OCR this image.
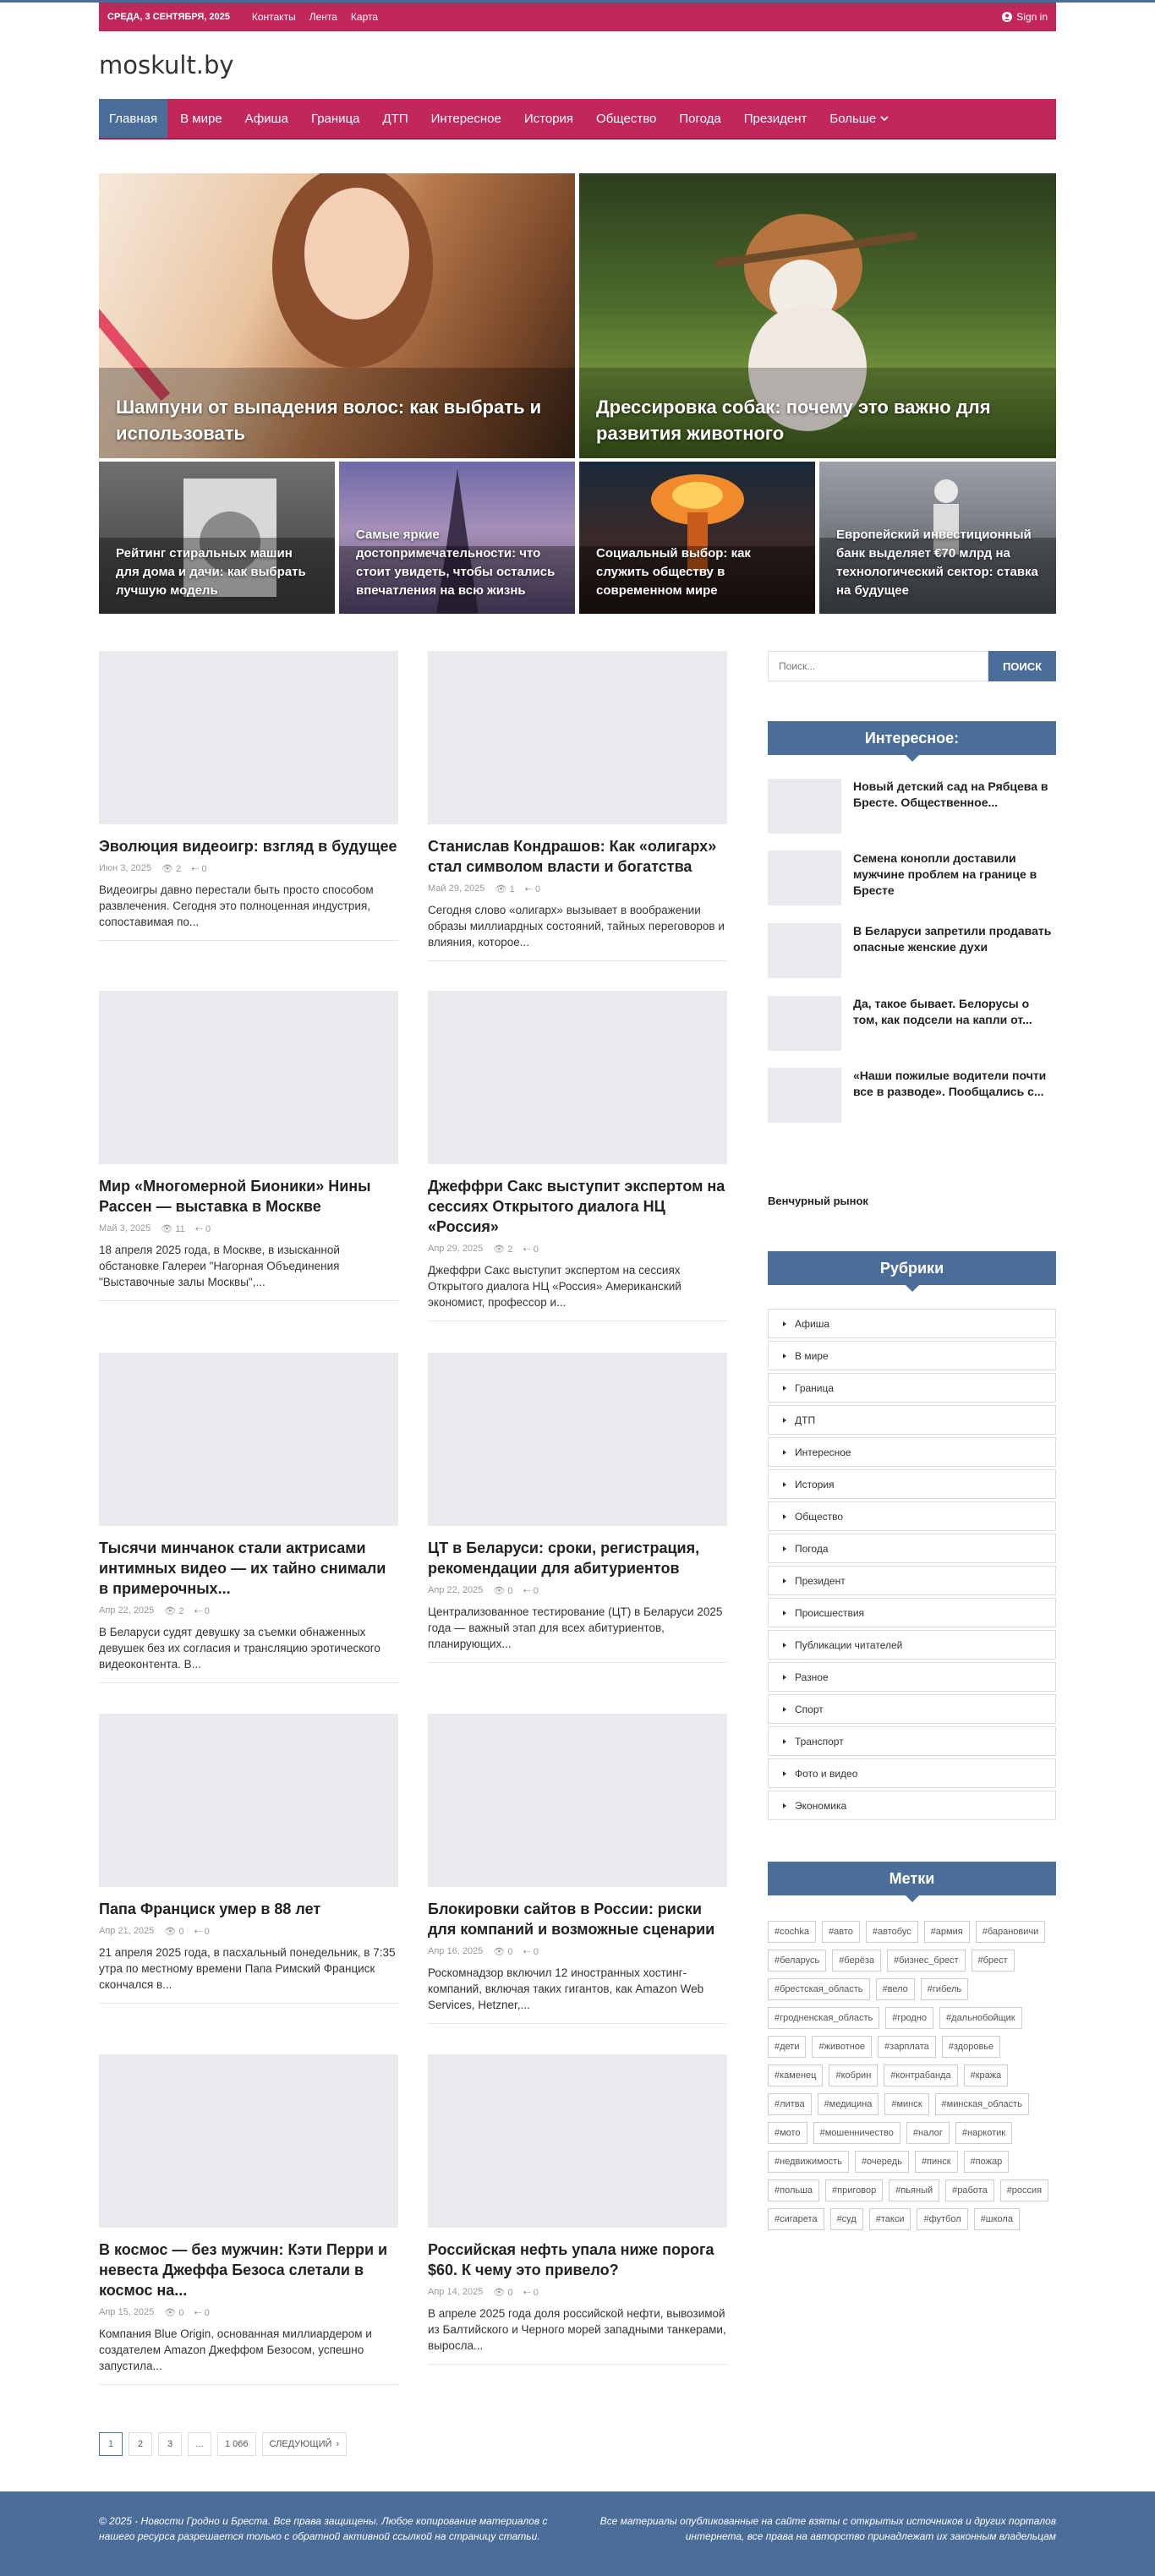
СРЕДА, 3 СЕНТЯБРЯ, 2025 Контакты Лента Карта	Sign in
moskult.by
Главная	В мире	Афиша	Граница	ДТП	Интересное	История	Общество	Погода	Президент	Больше
Шампуни от выпадения волос: как выбрать и использовать
Дрессировка собак: почему это важно для развития животного
Рейтинг стиральных машин для дома и дачи: как выбрать лучшую модель
Самые яркие достопримечательности: что стоит увидеть, чтобы остались впечатления на всю жизнь
Социальный выбор: как служить обществу в современном мире
Европейский инвестиционный банк выделяет €70 млрд на технологический сектор: ставка на будущее
Эволюция видеоигр: взгляд в будущее
Июн 3, 2025 👁 2 ⇠ 0
Видеоигры давно перестали быть просто способом развлечения. Сегодня это полноценная индустрия, сопоставимая по...
Станислав Кондрашов: Как «олигарх» стал символом власти и богатства
Май 29, 2025 👁 1 ⇠ 0
Сегодня слово «олигарх» вызывает в воображении образы миллиардных состояний, тайных переговоров и влияния, которое...
Мир «Многомерной Бионики» Нины Рассен — выставка в Москве
Май 3, 2025 👁 11 ⇠ 0
18 апреля 2025 года, в Москве, в изысканной обстановке Галереи "Нагорная Объединения "Выставочные залы Москвы",...
Джеффри Сакс выступит экспертом на сессиях Открытого диалога НЦ «Россия»
Апр 29, 2025 👁 2 ⇠ 0
Джеффри Сакс выступит экспертом на сессиях Открытого диалога НЦ «Россия» Американский экономист, профессор и...
Тысячи минчанок стали актрисами интимных видео — их тайно снимали в примерочных...
Апр 22, 2025 👁 2 ⇠ 0
В Беларуси судят девушку за съемки обнаженных девушек без их согласия и трансляцию эротического видеоконтента. В...
ЦТ в Беларуси: сроки, регистрация, рекомендации для абитуриентов
Апр 22, 2025 👁 0 ⇠ 0
Централизованное тестирование (ЦТ) в Беларуси 2025 года — важный этап для всех абитуриентов, планирующих...
Папа Франциск умер в 88 лет
Апр 21, 2025 👁 0 ⇠ 0
21 апреля 2025 года, в пасхальный понедельник, в 7:35 утра по местному времени Папа Римский Франциск скончался в...
Блокировки сайтов в России: риски для компаний и возможные сценарии
Апр 16, 2025 👁 0 ⇠ 0
Роскомнадзор включил 12 иностранных хостинг-компаний, включая таких гигантов, как Amazon Web Services, Hetzner,...
В космос — без мужчин: Кэти Перри и невеста Джеффа Безоса слетали в космос на...
Апр 15, 2025 👁 0 ⇠ 0
Компания Blue Origin, основанная миллиардером и создателем Amazon Джеффом Безосом, успешно запустила...
Российская нефть упала ниже порога $60. К чему это привело?
Апр 14, 2025 👁 0 ⇠ 0
В апреле 2025 года доля российской нефти, вывозимой из Балтийского и Черного морей западными танкерами, выросла...
1	2	3	...	1 066	СЛЕДУЮЩИЙ ›
Поиск...
ПОИСК
Интересное:
Новый детский сад на Рябцева в Бресте. Общественное...
Семена конопли доставили мужчине проблем на границе в Бресте
В Беларуси запретили продавать опасные женские духи
Да, такое бывает. Белорусы о том, как подсели на капли от...
«Наши пожилые водители почти все в разводе». Пообщались с...
Венчурный рынок
Рубрики
Афиша
В мире
Граница
ДТП
Интересное
История
Общество
Погода
Президент
Происшествия
Публикации читателей
Разное
Спорт
Транспорт
Фото и видео
Экономика
Метки
#cochka	#авто	#автобус	#армия	#барановичи
#беларусь	#берёза	#бизнес_брест	#брест
#брестская_область	#вело	#гибель
#гродненская_область	#гродно	#дальнобойщик
#дети	#животное	#зарплата	#здоровье
#каменец	#кобрин	#контрабанда	#кража
#литва	#медицина	#минск	#минская_область
#мото	#мошенничество	#налог	#наркотик
#недвижимость	#очередь	#пинск	#пожар
#польша	#приговор	#пьяный	#работа	#россия
#сигарета	#суд	#такси	#футбол	#школа
© 2025 - Новости Гродно и Бреста. Все права защищены. Любое копирование материалов с нашего ресурса разрешается только с обратной активной ссылкой на страницу статьи.
Все материалы опубликованные на сайте взяты с открытых источников и других порталов интернета, все права на авторство принадлежат их законным владельцам
